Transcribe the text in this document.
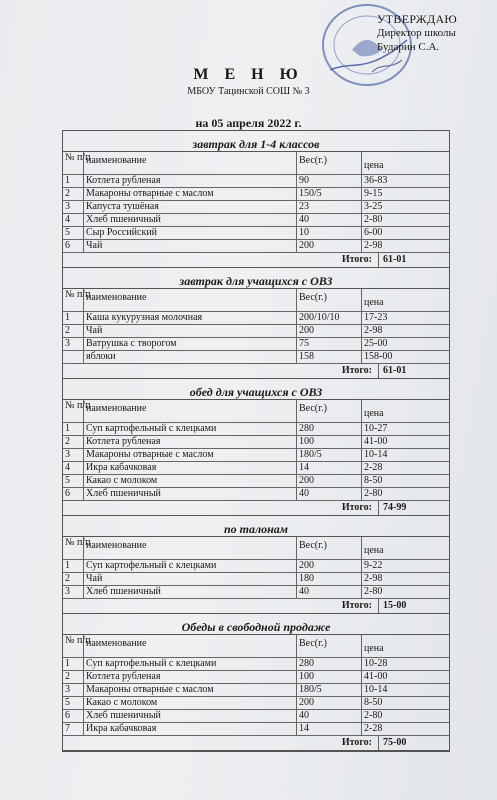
УТВЕРЖДАЮ
Директор школы
Бударин С.А.
М Е Н Ю
МБОУ Тацинской СОШ № 3
на 05 апреля 2022 г.
завтрак для 1-4 классов
№ п/п
наименование	Вес(г.)	цена
1	Котлета рубленая	90	36-83
2	Макароны отварные с маслом	150/5	9-15
3	Капуста тушёная	23	3-25
4	Хлеб пшеничный	40	2-80
5	Сыр Российский	10	6-00
6	Чай	200	2-98
Итого:	61-01
завтрак для учащихся с ОВЗ
№ п/п
наименование	Вес(г.)	цена
1	Каша кукурузная молочная	200/10/10	17-23
2	Чай	200	2-98
3	Ватрушка с творогом	75	25-00
яблоки	158	158-00
Итого:	61-01
обед для учащихся с ОВЗ
№ п/п
наименование	Вес(г.)	цена
1	Суп картофельный с клецками	280	10-27
2	Котлета рубленая	100	41-00
3	Макароны отварные с маслом	180/5	10-14
4	Икра кабачковая	14	2-28
5	Какао с молоком	200	8-50
6	Хлеб пшеничный	40	2-80
Итого:	74-99
по талонам
№ п/п
наименование	Вес(г.)	цена
1	Суп картофельный с клецками	200	9-22
2	Чай	180	2-98
3	Хлеб пшеничный	40	2-80
Итого:	15-00
Обеды в свободной продаже
№ п/п
наименование	Вес(г.)	цена
1	Суп картофельный с клецками	280	10-28
2	Котлета рубленая	100	41-00
3	Макароны отварные с маслом	180/5	10-14
5	Какао с молоком	200	8-50
6	Хлеб пшеничный	40	2-80
7	Икра кабачковая	14	2-28
Итого:	75-00
